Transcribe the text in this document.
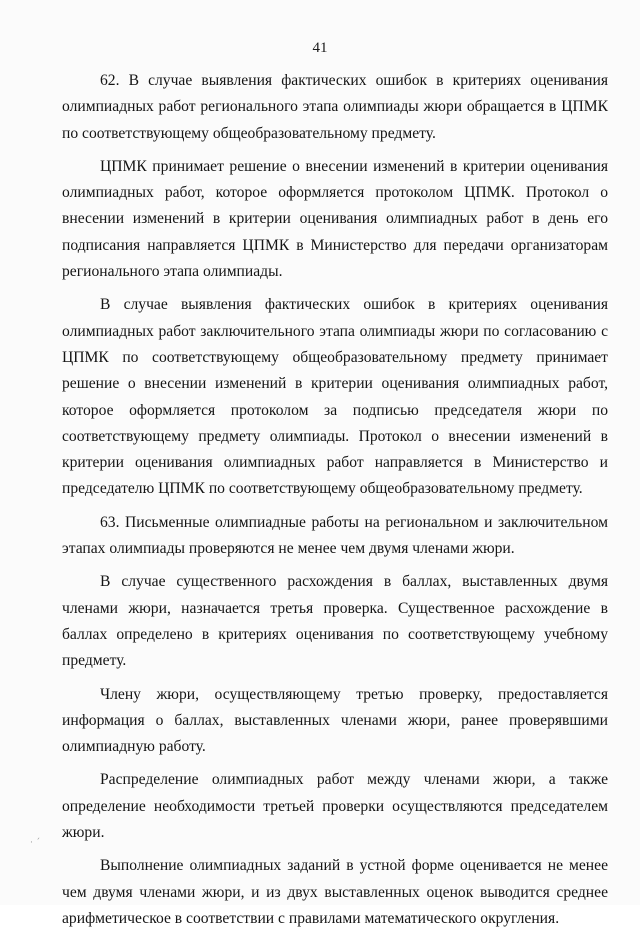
41

62. В случае выявления фактических ошибок в критериях оценивания олимпиадных работ регионального этапа олимпиады жюри обращается в ЦПМК по соответствующему общеобразовательному предмету.

ЦПМК принимает решение о внесении изменений в критерии оценивания олимпиадных работ, которое оформляется протоколом ЦПМК. Протокол о внесении изменений в критерии оценивания олимпиадных работ в день его подписания направляется ЦПМК в Министерство для передачи организаторам регионального этапа олимпиады.

В случае выявления фактических ошибок в критериях оценивания олимпиадных работ заключительного этапа олимпиады жюри по согласованию с ЦПМК по соответствующему общеобразовательному предмету принимает решение о внесении изменений в критерии оценивания олимпиадных работ, которое оформляется протоколом за подписью председателя жюри по соответствующему предмету олимпиады. Протокол о внесении изменений в критерии оценивания олимпиадных работ направляется в Министерство и председателю ЦПМК по соответствующему общеобразовательному предмету.

63. Письменные олимпиадные работы на региональном и заключительном этапах олимпиады проверяются не менее чем двумя членами жюри.

В случае существенного расхождения в баллах, выставленных двумя членами жюри, назначается третья проверка. Существенное расхождение в баллах определено в критериях оценивания по соответствующему учебному предмету.

Члену жюри, осуществляющему третью проверку, предоставляется информация о баллах, выставленных членами жюри, ранее проверявшими олимпиадную работу.

Распределение олимпиадных работ между членами жюри, а также определение необходимости третьей проверки осуществляются председателем жюри.

Выполнение олимпиадных заданий в устной форме оценивается не менее чем двумя членами жюри, и из двух выставленных оценок выводится среднее арифметическое в соответствии с правилами математического округления.

· ˊ
